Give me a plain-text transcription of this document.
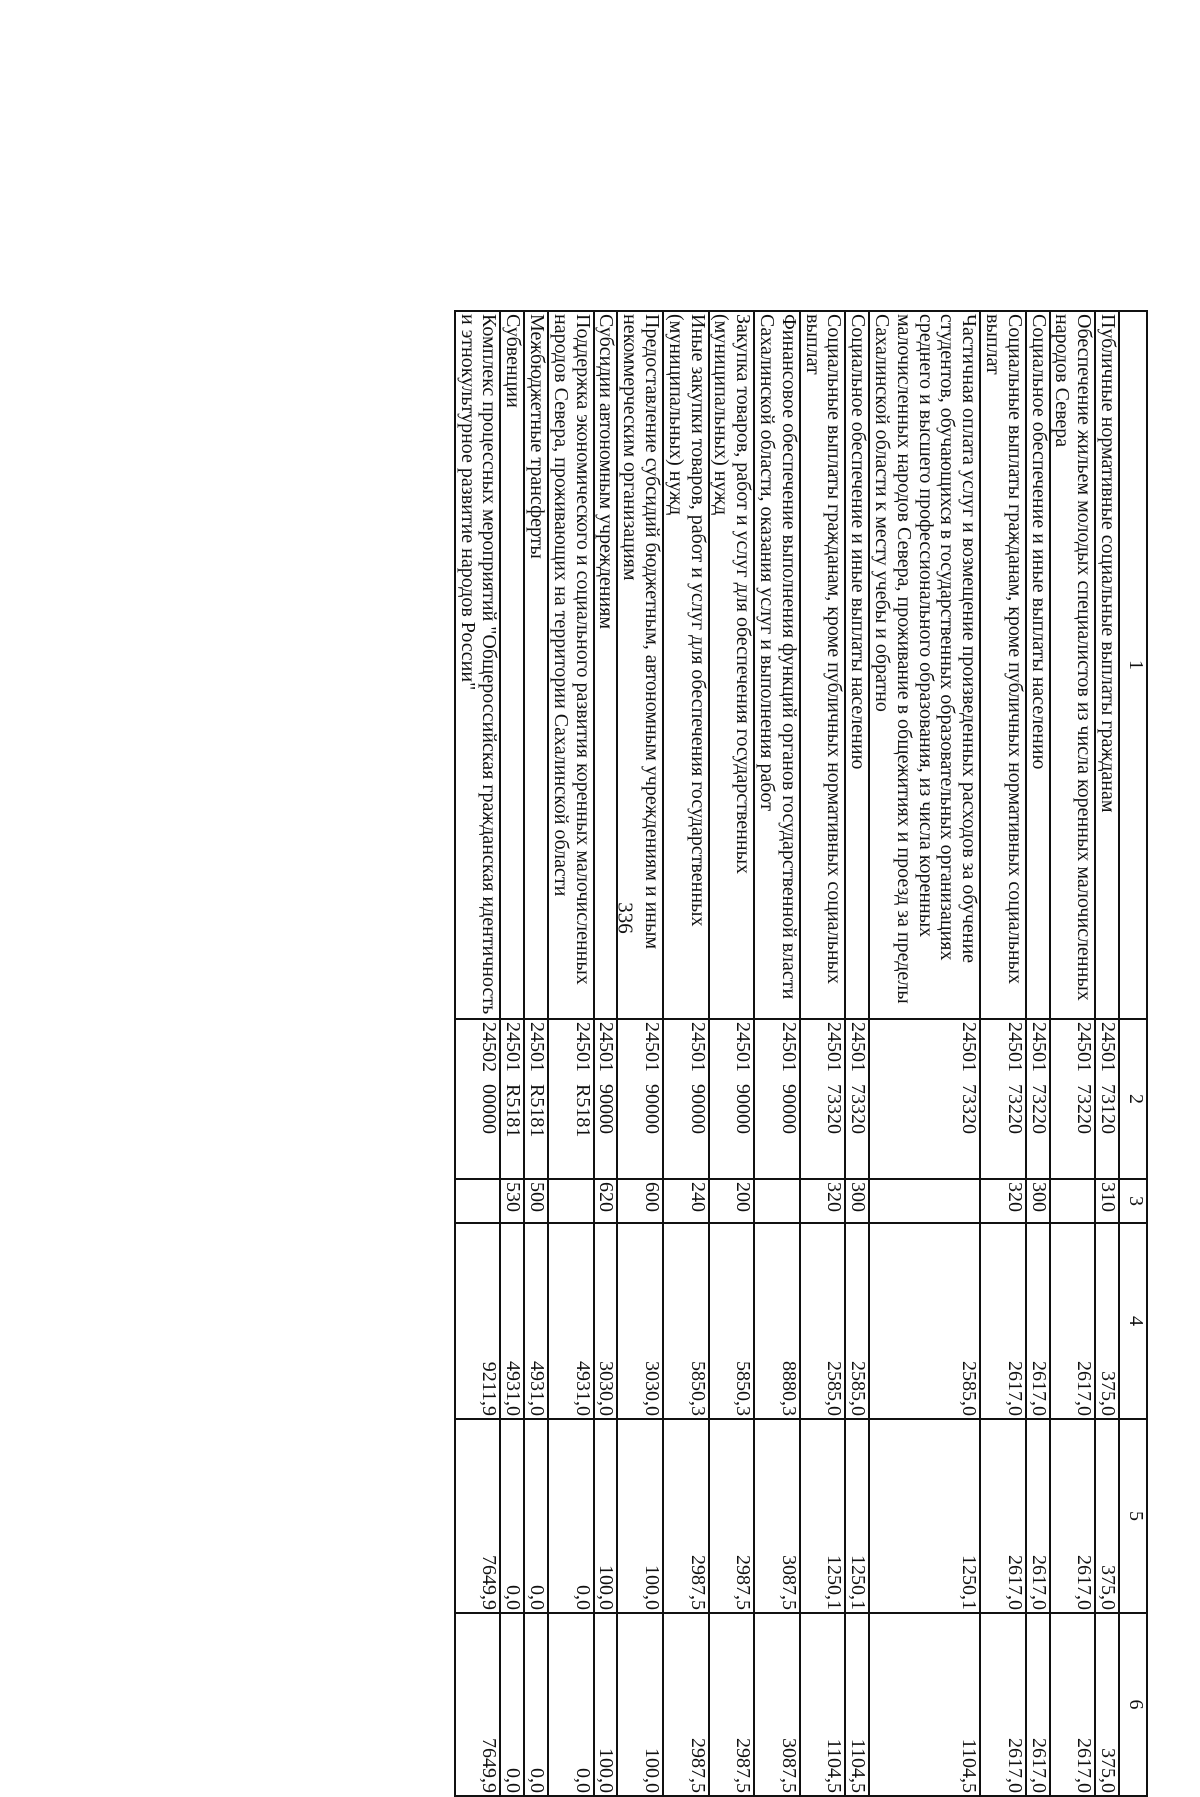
336
1	2	3	4	5	6
Публичные нормативные социальные выплаты гражданам	2450173120	310	375,0	375,0	375,0
Обеспечение жильем молодых специалистов из числа коренных малочисленных народов Севера	2450173220		2617,0	2617,0	2617,0
Социальное обеспечение и иные выплаты населению	2450173220	300	2617,0	2617,0	2617,0
Социальные выплаты гражданам, кроме публичных нормативных социальных выплат	2450173220	320	2617,0	2617,0	2617,0
Частичная оплата услуг и возмещение произведенных расходов за обучение студентов, обучающихся в государственных образовательных организациях среднего и высшего профессионального образования, из числа коренных малочисленных народов Севера, проживание в общежитиях и проезд за пределы Сахалинской области к месту учебы и обратно	2450173320		2585,0	1250,1	1104,5
Социальное обеспечение и иные выплаты населению	2450173320	300	2585,0	1250,1	1104,5
Социальные выплаты гражданам, кроме публичных нормативных социальных выплат	2450173320	320	2585,0	1250,1	1104,5
Финансовое обеспечение выполнения функций органов государственной власти Сахалинской области, оказания услуг и выполнения работ	2450190000		8880,3	3087,5	3087,5
Закупка товаров, работ и услуг для обеспечения государственных (муниципальных) нужд	2450190000	200	5850,3	2987,5	2987,5
Иные закупки товаров, работ и услуг для обеспечения государственных (муниципальных) нужд	2450190000	240	5850,3	2987,5	2987,5
Предоставление субсидий бюджетным, автономным учреждениям и иным некоммерческим организациям	2450190000	600	3030,0	100,0	100,0
Субсидии автономным учреждениям	2450190000	620	3030,0	100,0	100,0
Поддержка экономического и социального развития коренных малочисленных народов Севера, проживающих на территории Сахалинской области	24501R5181		4931,0	0,0	0,0
Межбюджетные трансферты	24501R5181	500	4931,0	0,0	0,0
Субвенции	24501R5181	530	4931,0	0,0	0,0
Комплекс процессных мероприятий "Общероссийская гражданская идентичность и этнокультурное развитие народов России"	2450200000		9211,9	7649,9	7649,9
